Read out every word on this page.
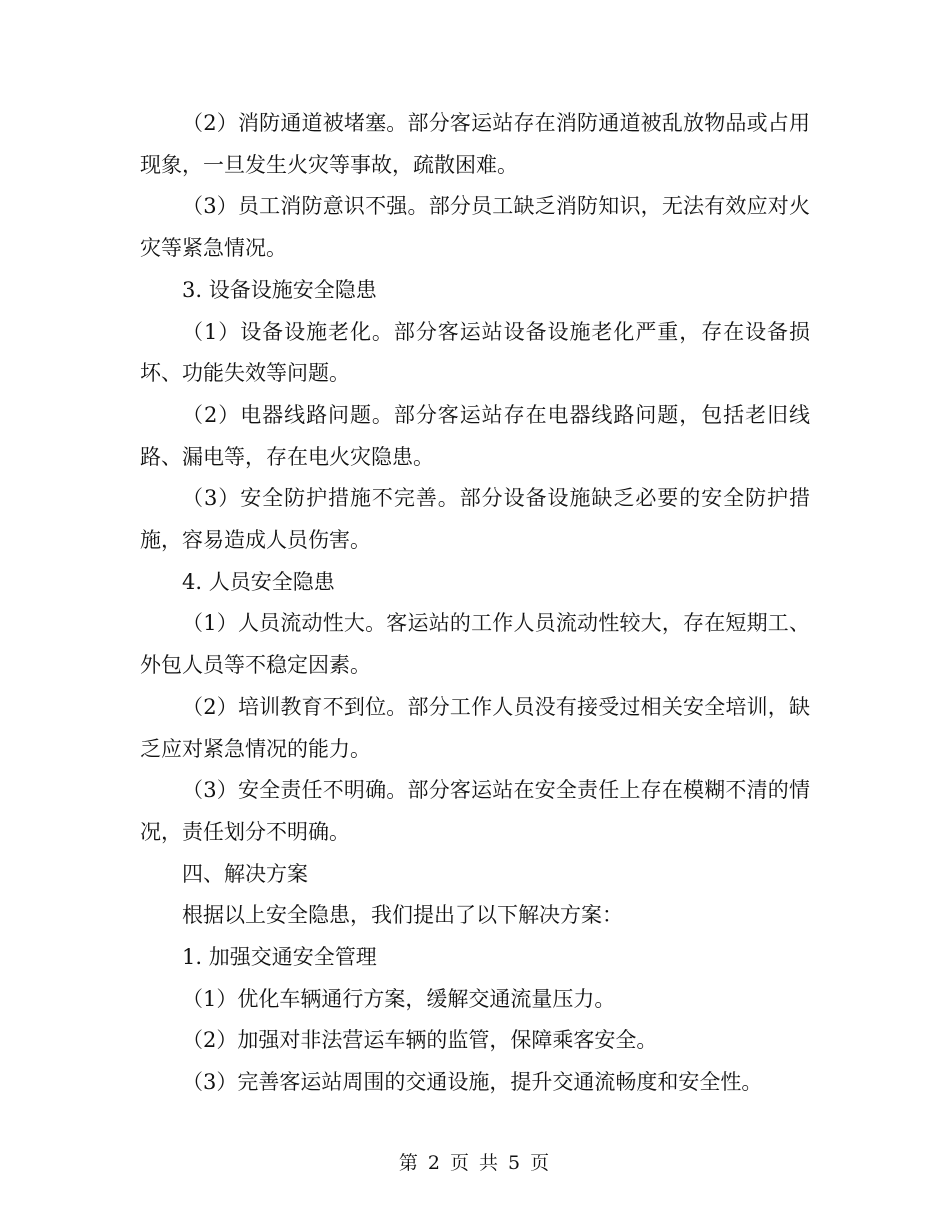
（2）消防通道被堵塞。部分客运站存在消防通道被乱放物品或占用现象，一旦发生火灾等事故，疏散困难。

（3）员工消防意识不强。部分员工缺乏消防知识，无法有效应对火灾等紧急情况。

3. 设备设施安全隐患

（1）设备设施老化。部分客运站设备设施老化严重，存在设备损坏、功能失效等问题。

（2）电器线路问题。部分客运站存在电器线路问题，包括老旧线路、漏电等，存在电火灾隐患。

（3）安全防护措施不完善。部分设备设施缺乏必要的安全防护措施，容易造成人员伤害。

4. 人员安全隐患

（1）人员流动性大。客运站的工作人员流动性较大，存在短期工、外包人员等不稳定因素。

（2）培训教育不到位。部分工作人员没有接受过相关安全培训，缺乏应对紧急情况的能力。

（3）安全责任不明确。部分客运站在安全责任上存在模糊不清的情况，责任划分不明确。

四、解决方案

根据以上安全隐患，我们提出了以下解决方案：

1. 加强交通安全管理

（1）优化车辆通行方案，缓解交通流量压力。

（2）加强对非法营运车辆的监管，保障乘客安全。

（3）完善客运站周围的交通设施，提升交通流畅度和安全性。

第 2 页 共 5 页
